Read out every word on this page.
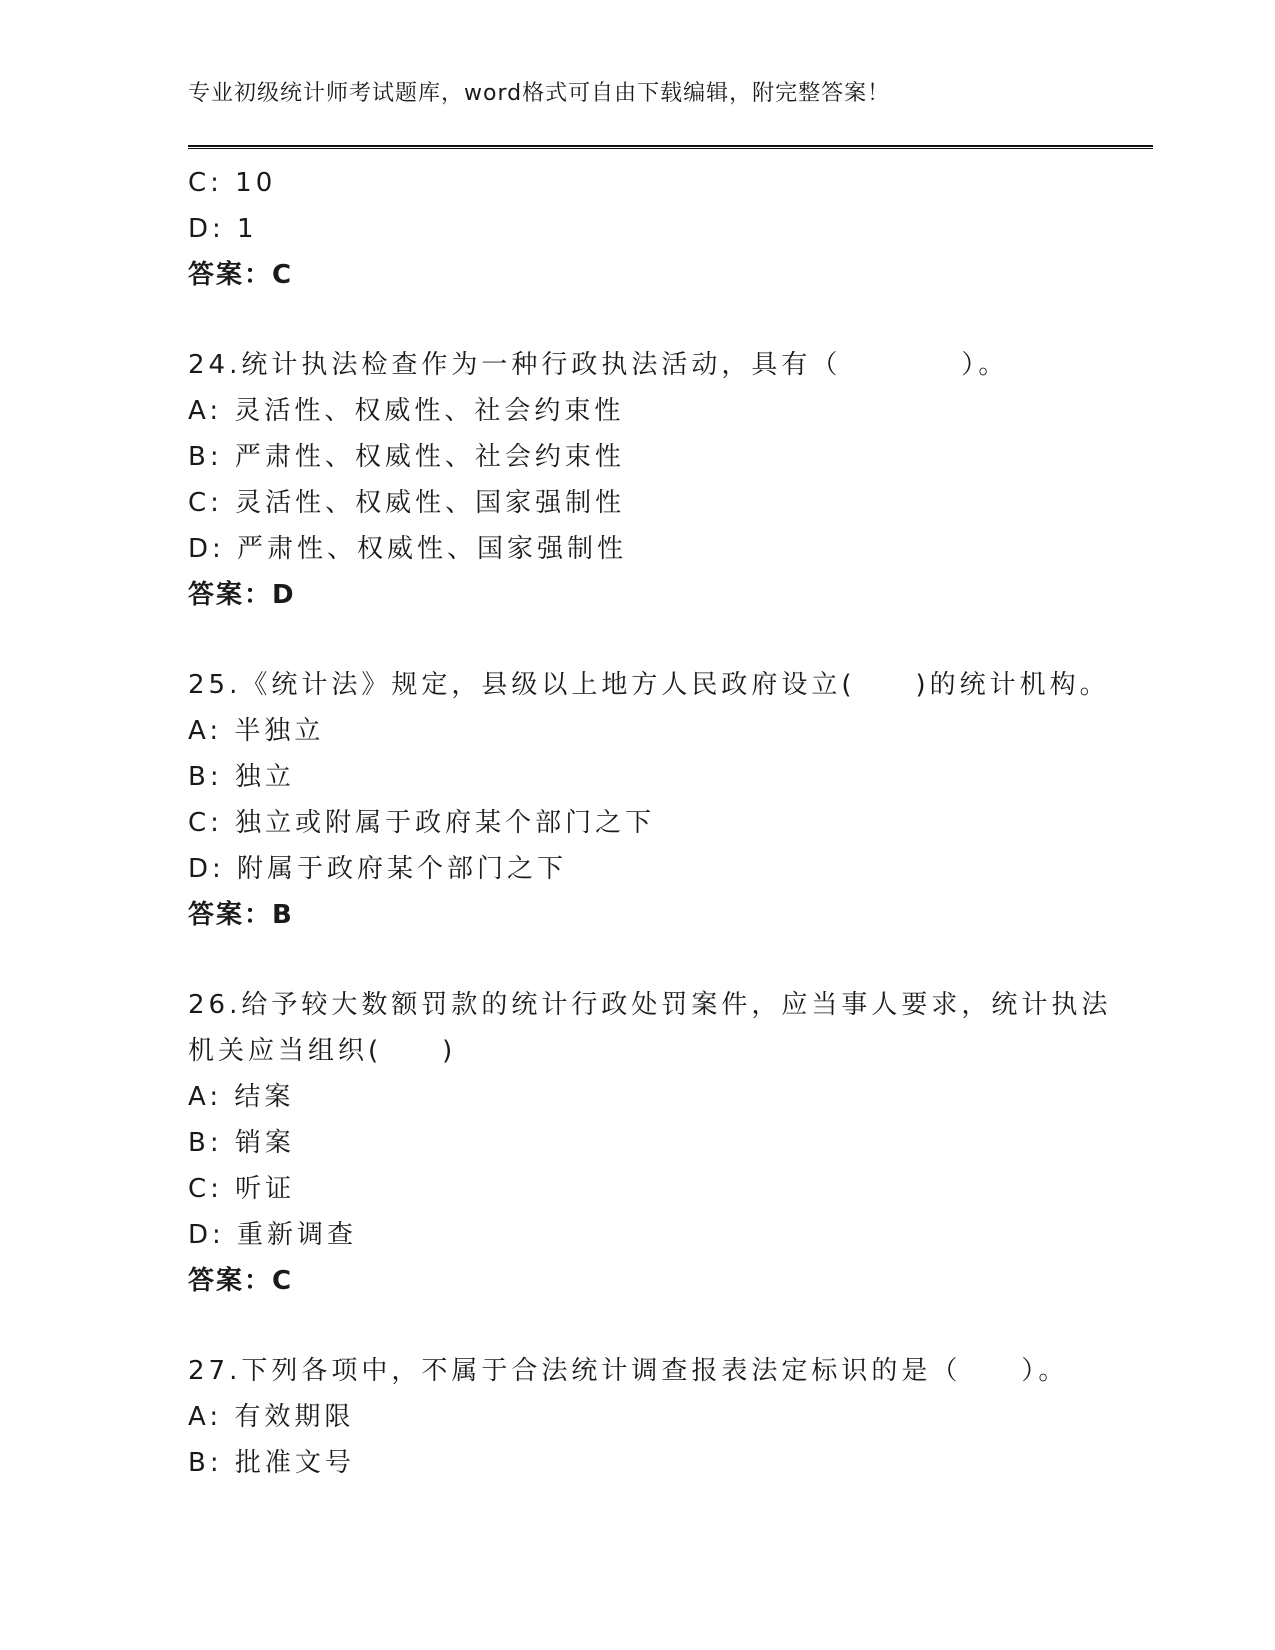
专业初级统计师考试题库，word格式可自由下载编辑，附完整答案！
C: 10
D: 1
答案：C
24.统计执法检查作为一种行政执法活动，具有（　　　　）。
A: 灵活性、权威性、社会约束性
B: 严肃性、权威性、社会约束性
C: 灵活性、权威性、国家强制性
D: 严肃性、权威性、国家强制性
答案：D
25.《统计法》规定，县级以上地方人民政府设立(　　)的统计机构。
A: 半独立
B: 独立
C: 独立或附属于政府某个部门之下
D: 附属于政府某个部门之下
答案：B
26.给予较大数额罚款的统计行政处罚案件，应当事人要求，统计执法
机关应当组织(　　)
A: 结案
B: 销案
C: 听证
D: 重新调查
答案：C
27.下列各项中，不属于合法统计调查报表法定标识的是（　　）。
A: 有效期限
B: 批准文号
